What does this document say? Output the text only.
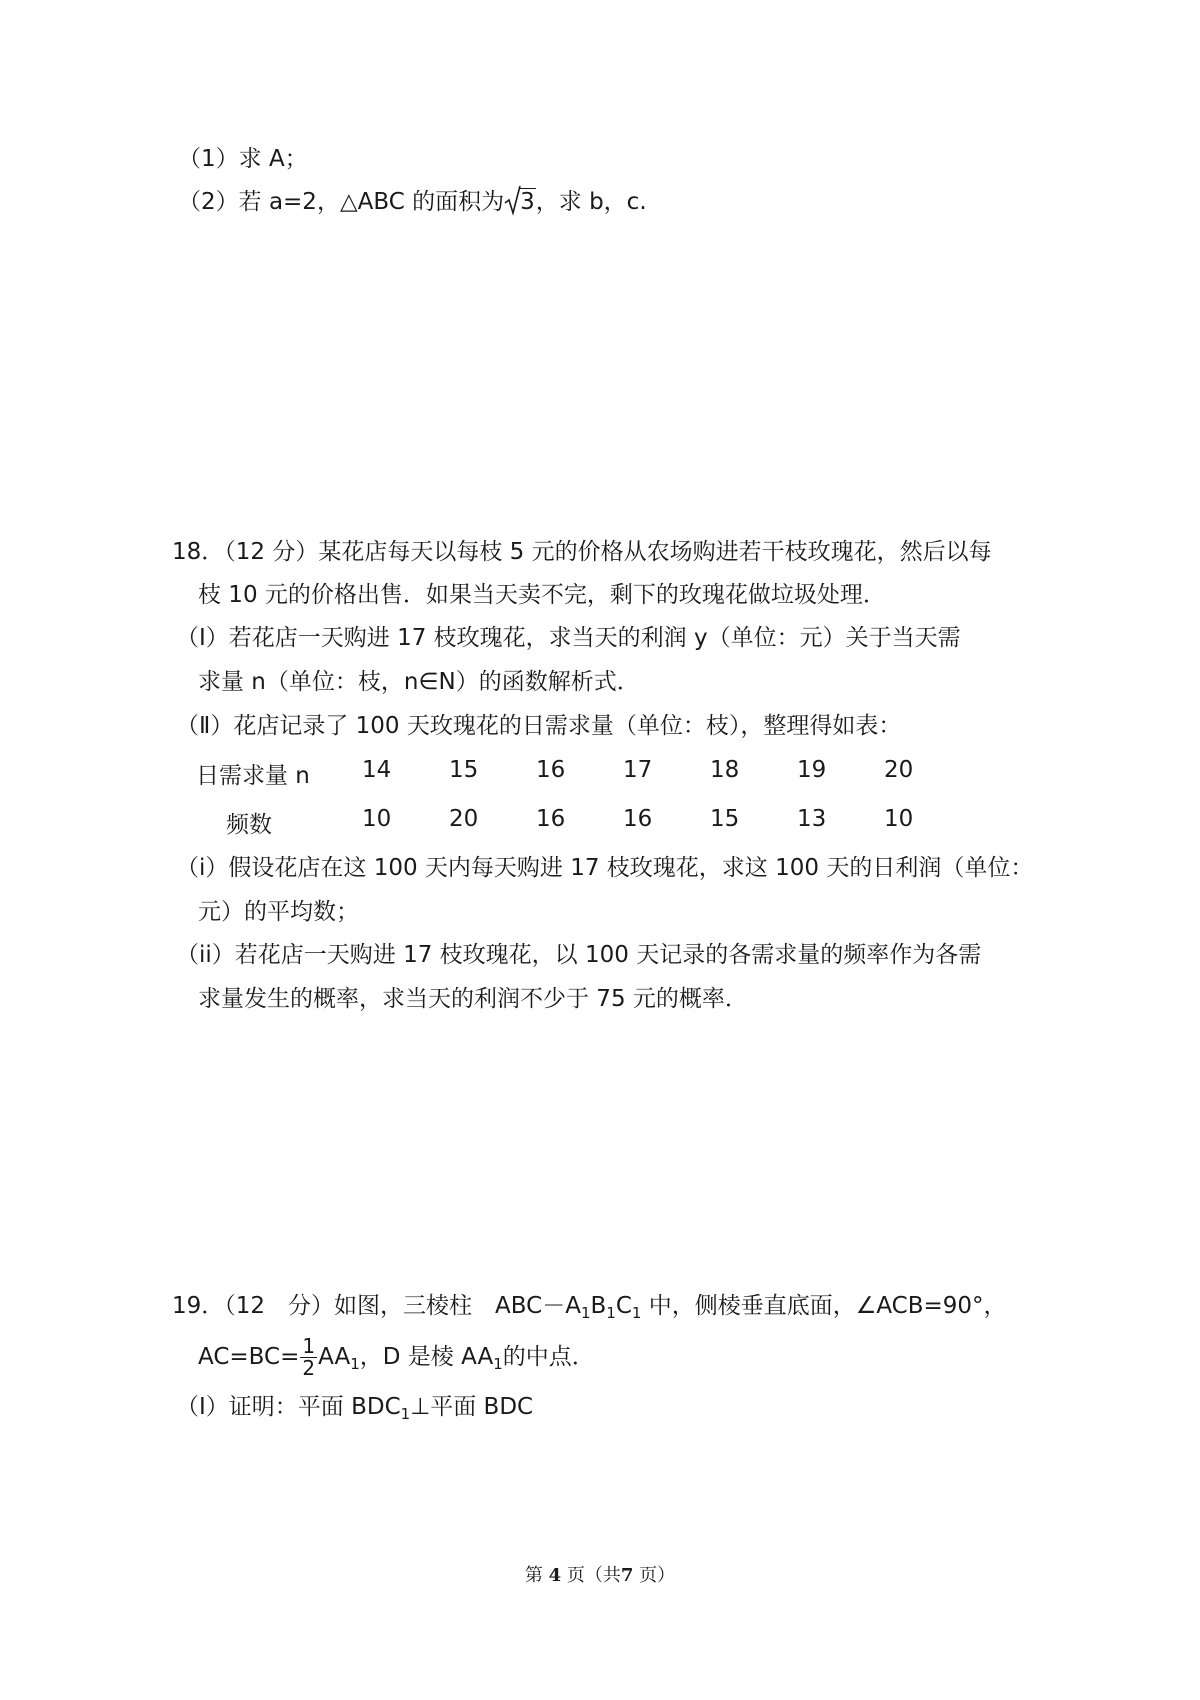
（1）求 A；
（2）若 a=2，△ABC 的面积为 3，求 b，c.
18．（12 分）某花店每天以每枝 5 元的价格从农场购进若干枝玫瑰花，然后以每
枝 10 元的价格出售．如果当天卖不完，剩下的玫瑰花做垃圾处理．
（Ⅰ）若花店一天购进 17 枝玫瑰花，求当天的利润 y（单位：元）关于当天需
求量 n（单位：枝，n∈N）的函数解析式．
（Ⅱ）花店记录了 100 天玫瑰花的日需求量（单位：枝），整理得如表：
日需求量 n 14	15	16	17	18	19	20
频数	10	20	16	16	15	13	10
（i）假设花店在这 100 天内每天购进 17 枝玫瑰花，求这 100 天的日利润（单位：
元）的平均数；
（ii）若花店一天购进 17 枝玫瑰花，以 100 天记录的各需求量的频率作为各需
求量发生的概率，求当天的利润不少于 75 元的概率．
19．（12　分）如图，三棱柱　$ABC-A_1B_1C_1$ 中，侧棱垂直底面，∠ACB=90°，
$AC=BC= \frac{1}{2} AA_1$，D 是棱 $AA_1$的中点．
（Ⅰ）证明：平面 $BDC_1\perp$平面 BDC
第 4 页（共7 页）
